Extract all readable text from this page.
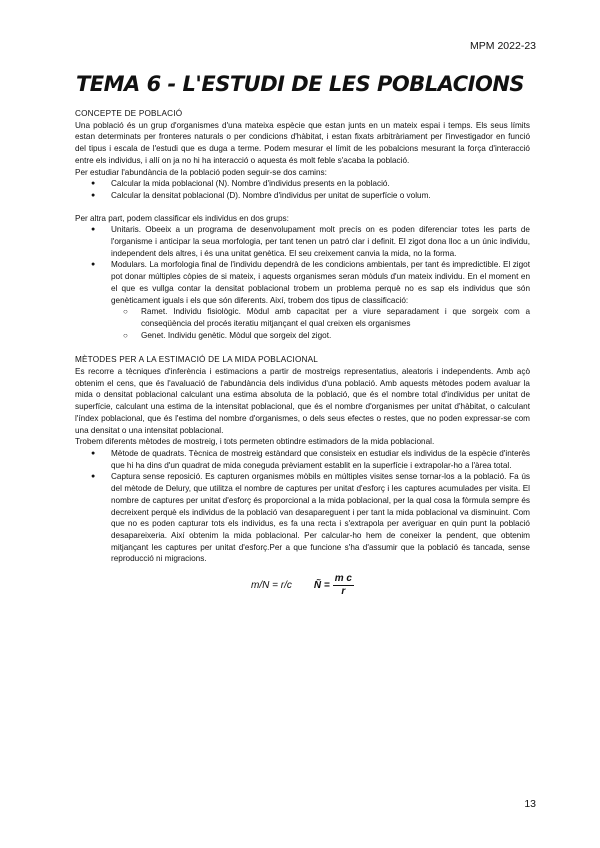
MPM 2022-23
TEMA 6 - L'ESTUDI DE LES POBLACIONS

CONCEPTE DE POBLACIÓ

Una població és un grup d'organismes d'una mateixa espècie que estan junts en un mateix espai i temps. Els seus límits estan determinats per fronteres naturals o per condicions d'hàbitat, i estan fixats arbitràriament per l'investigador en funció del tipus i escala de l'estudi que es duga a terme. Podem mesurar el límit de les pobalcions mesurant la força d'interacció entre els individus, i allí on ja no hi ha interacció o aquesta és molt feble s'acaba la població.

Per estudiar l'abundància de la població poden seguir-se dos camins:

● Calcular la mida poblacional (N). Nombre d'individus presents en la població.
● Calcular la densitat poblacional (D). Nombre d'individus per unitat de superfície o volum.

Per altra part, podem classificar els individus en dos grups:

● Unitaris. Obeeix a un programa de desenvolupament molt precís on es poden diferenciar totes les parts de l'organisme i anticipar la seua morfologia, per tant tenen un patró clar i definit. El zigot dona lloc a un únic individu, independent dels altres, i és una unitat genètica. El seu creixement canvia la mida, no la forma.
● Modulars. La morfologia final de l'individu dependrà de les condicions ambientals, per tant és impredictible. El zigot pot donar múltiples còpies de si mateix, i aquests organismes seran mòduls d'un mateix individu. En el moment en el que es vullga contar la densitat poblacional trobem un problema perquè no es sap els individus que són genèticament iguals i els que són diferents. Així, trobem dos tipus de classificació:
○ Ramet. Individu fisiològic. Mòdul amb capacitat per a viure separadament i que sorgeix com a conseqüència del procés iteratiu mitjançant el qual creixen els organismes
○ Genet. Individu genètic. Mòdul que sorgeix del zigot.

MÈTODES PER A LA ESTIMACIÓ DE LA MIDA POBLACIONAL

Es recorre a tècniques d'inferència i estimacions a partir de mostreigs representatius, aleatoris i independents. Amb açò obtenim el cens, que és l'avaluació de l'abundància dels individus d'una població. Amb aquests mètodes podem avaluar la mida o densitat poblacional calculant una estima absoluta de la població, que és el nombre total d'individus per unitat de superfície, calculant una estima de la intensitat poblacional, que és el nombre d'organismes per unitat d'hàbitat, o calculant l'índex poblacional, que és l'estima del nombre d'organismes, o dels seus efectes o restes, que no poden expressar-se com una densitat o una intensitat poblacional.

Trobem diferents mètodes de mostreig, i tots permeten obtindre estimadors de la mida poblacional.

● Mètode de quadrats. Tècnica de mostreig estàndard que consisteix en estudiar els individus de la espècie d'interès que hi ha dins d'un quadrat de mida coneguda prèviament establit en la superfície i extrapolar-ho a l'àrea total.
● Captura sense reposició. Es capturen organismes mòbils en múltiples visites sense tornar-los a la població. Fa ús del mètode de Delury, que utilitza el nombre de captures per unitat d'esforç i les captures acumulades per visita. El nombre de captures per unitat d'esforç és proporcional a la mida poblacional, per la qual cosa la fòrmula sempre és decreixent perquè els individus de la població van desapareguent i per tant la mida poblacional va disminuint. Com que no es poden capturar tots els individus, es fa una recta i s'extrapola per averiguar en quin punt la població desapareixeria. Així obtenim la mida poblacional. Per calcular-ho hem de coneixer la pendent, que obtenim mitjançant les captures per unitat d'esforç.Per a que funcione s'ha d'assumir que la població és tancada, sense reproducció ni migracions.
m/N = r/c Ñ = $\frac{\text{m c}}{r}$
13
